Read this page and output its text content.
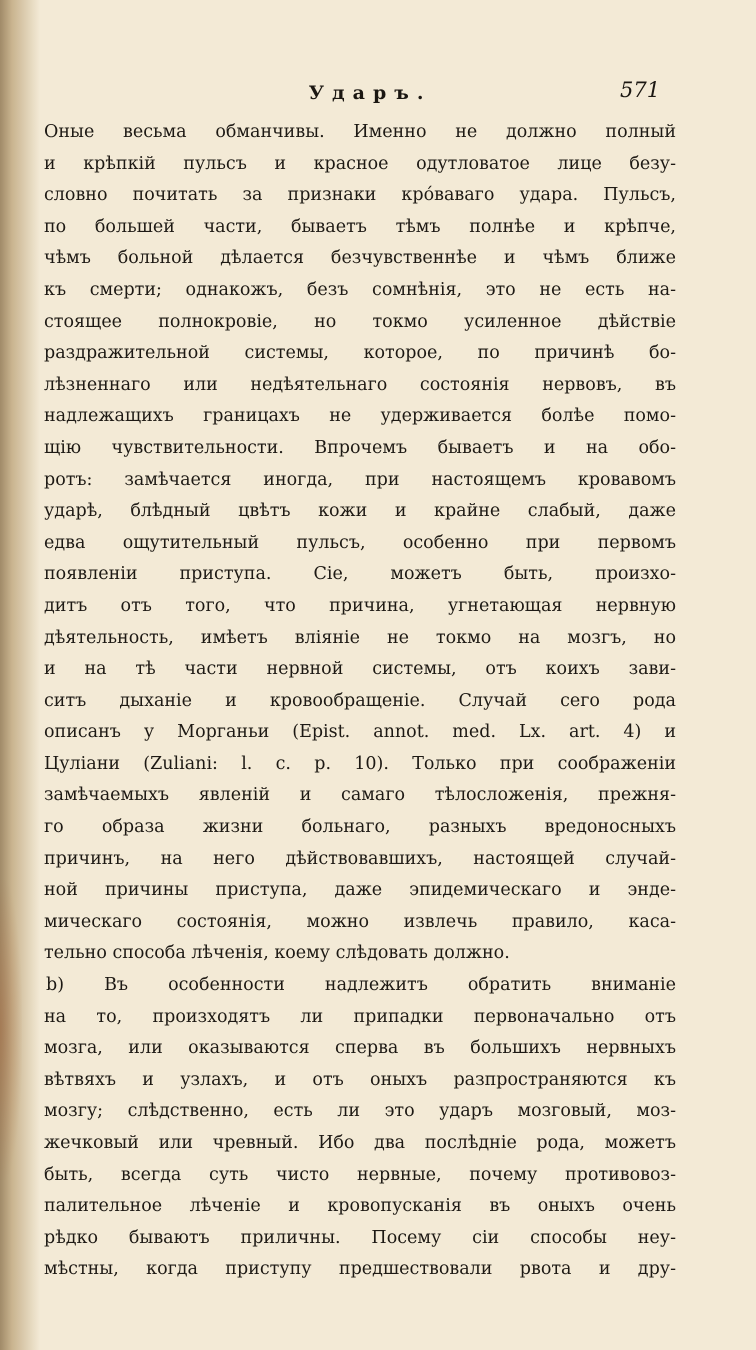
Ударъ.	571
Оные весьма обманчивы. Именно не должно полный
и крѣпкій пульсъ и красное одутловатое лице безу-
словно почитать за признаки крóваваго удара. Пульсъ,
по большей части, бываетъ тѣмъ полнѣе и крѣпче,
чѣмъ больной дѣлается безчувственнѣе и чѣмъ ближе
къ смерти; однакожъ, безъ сомнѣнія, это не есть на-
стоящее полнокровіе, но токмо усиленное дѣйствіе
раздражительной системы, которое, по причинѣ бо-
лѣзненнаго или недѣятельнаго состоянія нервовъ, въ
надлежащихъ границахъ не удерживается болѣе помо-
щію чувствительности. Впрочемъ бываетъ и на обо-
ротъ: замѣчается иногда, при настоящемъ кровавомъ
ударѣ, блѣдный цвѣтъ кожи и крайне слабый, даже
едва ощутительный пульсъ, особенно при первомъ
появленіи приступа. Сіе, можетъ быть, произхо-
дитъ отъ того, что причина, угнетающая нервную
дѣятельность, имѣетъ вліяніе не токмо на мозгъ, но
и на тѣ части нервной системы, отъ коихъ зави-
ситъ дыханіе и кровообращеніе. Случай сего рода
описанъ у Морганьи (Epist. annot. med. Lx. art. 4) и
Цуліани (Zuliani: l. c. p. 10). Только при соображеніи
замѣчаемыхъ явленій и самаго тѣлосложенія, прежня-
го образа жизни больнаго, разныхъ вредоносныхъ
причинъ, на него дѣйствовавшихъ, настоящей случай-
ной причины приступа, даже эпидемическаго и энде-
мическаго состоянія, можно извлечь правило, каса-
тельно способа лѣченія, коему слѣдовать должно.
b) Въ особенности надлежитъ обратить вниманіе
на то, произходятъ ли припадки первоначально отъ
мозга, или оказываются сперва въ большихъ нервныхъ
вѣтвяхъ и узлахъ, и отъ оныхъ разпространяются къ
мозгу; слѣдственно, есть ли это ударъ мозговый, моз-
жечковый или чревный. Ибо два послѣдніе рода, можетъ
быть, всегда суть чисто нервные, почему противовоз-
палительное лѣченіе и кровопусканія въ оныхъ очень
рѣдко бываютъ приличны. Посему сіи способы неу-
мѣстны, когда приступу предшествовали рвота и дру-
